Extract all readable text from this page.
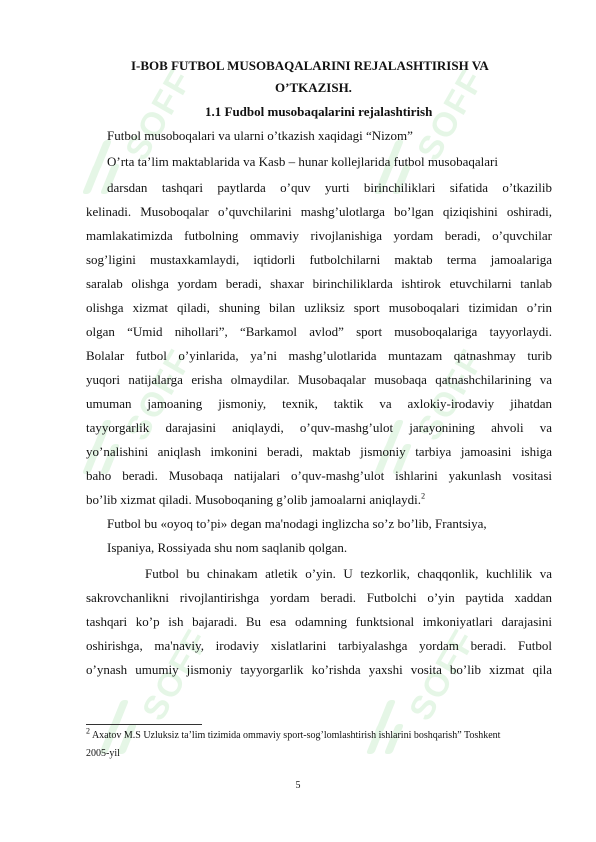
SOFF	SOFF
SOFF	SOFF
SOFF	SOFF
I-BOB FUTBOL MUSOBAQALARINI REJALASHTIRISH VA
O’TKAZISH.
1.1 Fudbol musobaqalarini rejalashtirish
Futbol musoboqalari va ularni o’tkazish xaqidagi “Nizom”
O’rta ta’lim maktablarida va Kasb – hunar kollejlarida futbol musobaqalari
darsdan tashqari paytlarda o’quv yurti birinchiliklari sifatida o’tkazilib
kelinadi. Musoboqalar o’quvchilarini mashg’ulotlarga bo’lgan qiziqishini oshiradi,
mamlakatimizda futbolning ommaviy rivojlanishiga yordam beradi, o’quvchilar
sog’ligini mustaxkamlaydi, iqtidorli futbolchilarni maktab terma jamoalariga
saralab olishga yordam beradi, shaxar birinchiliklarda ishtirok etuvchilarni tanlab
olishga xizmat qiladi, shuning bilan uzliksiz sport musoboqalari tizimidan o’rin
olgan “Umid nihollari”, “Barkamol avlod” sport musoboqalariga tayyorlaydi.
Bolalar futbol o’yinlarida, ya’ni mashg’ulotlarida muntazam qatnashmay turib
yuqori natijalarga erisha olmaydilar. Musobaqalar musobaqa qatnashchilarining va
umuman jamoaning jismoniy, texnik, taktik va axlokiy-irodaviy jihatdan
tayyorgarlik darajasini aniqlaydi, o’quv-mashg’ulot jarayonining ahvoli va
yo’nalishini aniqlash imkonini beradi, maktab jismoniy tarbiya jamoasini ishiga
baho beradi. Musobaqa natijalari o’quv-mashg’ulot ishlarini yakunlash vositasi
bo’lib xizmat qiladi. Musoboqaning g’olib jamoalarni aniqlaydi.$^2$
Futbol bu «oyoq to’pi» degan ma'nodagi inglizcha so’z bo’lib, Frantsiya,
Ispaniya, Rossiyada shu nom saqlanib qolgan.
Futbol bu chinakam atletik o’yin. U tezkorlik, chaqqonlik, kuchlilik va
sakrovchanlikni rivojlantirishga yordam beradi. Futbolchi o’yin paytida xaddan
tashqari ko’p ish bajaradi. Bu esa odamning funktsional imkoniyatlari darajasini
oshirishga, ma'naviy, irodaviy xislatlarini tarbiyalashga yordam beradi. Futbol
o’ynash umumiy jismoniy tayyorgarlik ko’rishda yaxshi vosita bo’lib xizmat qila
$^2$ Axatov M.S Uzluksiz ta’lim tizimida ommaviy sport-sog’lomlashtirish ishlarini boshqarish” Toshkent
2005-yil
5
